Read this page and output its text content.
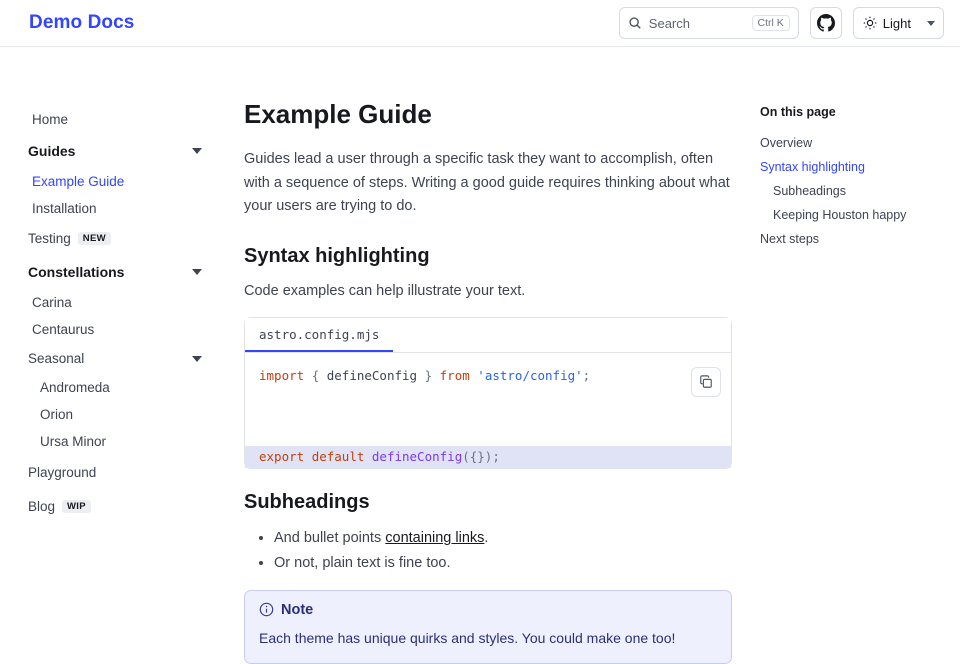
Demo Docs	Search	Ctrl K	Light
Home
Guides
Example Guide
Installation
Testing	NEW
Constellations
Carina
Centaurus
Seasonal
Andromeda
Orion
Ursa Minor
Playground
Blog	WIP
Example Guide

Guides lead a user through a specific task they want to accomplish, often with a sequence of steps. Writing a good guide requires thinking about what your users are trying to do.

Syntax highlighting

Code examples can help illustrate your text.

astro.config.mjs
import { defineConfig } from 'astro/config';

export default defineConfig({});
Subheadings
• And bullet points containing links.
• Or not, plain text is fine too.
Note
Each theme has unique quirks and styles. You could make one too!
On this page
Overview
Syntax highlighting
Subheadings
Keeping Houston happy
Next steps
